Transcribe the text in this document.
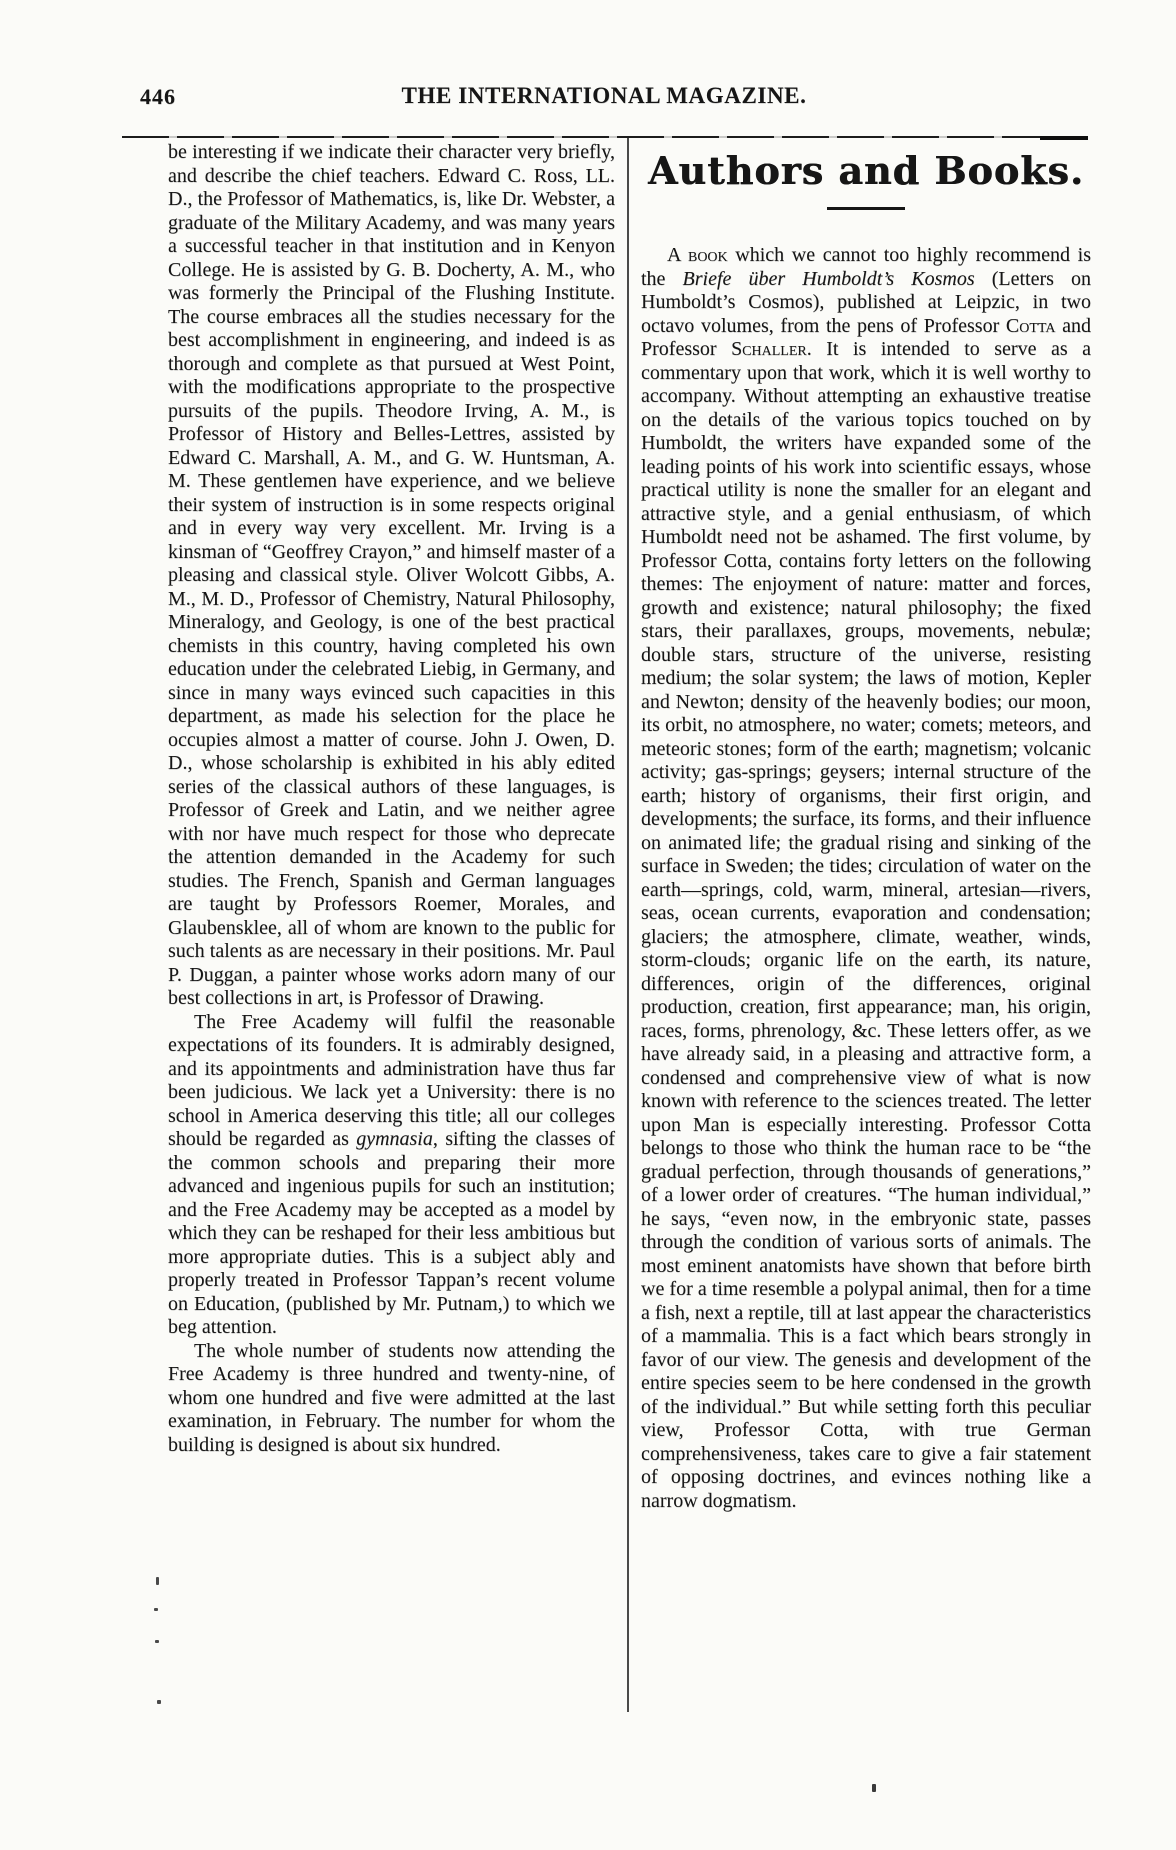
446	THE INTERNATIONAL MAGAZINE.

be interesting if we indicate their character very briefly, and describe the chief teachers. Edward C. Ross, LL. D., the Professor of Mathematics, is, like Dr. Webster, a graduate of the Military Academy, and was many years a successful teacher in that institution and in Kenyon College. He is assisted by G. B. Docherty, A. M., who was formerly the Principal of the Flushing Institute. The course embraces all the studies necessary for the best accomplishment in engineering, and indeed is as thorough and complete as that pursued at West Point, with the modifications appropriate to the prospective pursuits of the pupils. Theodore Irving, A. M., is Professor of History and Belles-Lettres, assisted by Edward C. Marshall, A. M., and G. W. Huntsman, A. M. These gentlemen have experience, and we believe their system of instruction is in some respects original and in every way very excellent. Mr. Irving is a kinsman of “Geoffrey Crayon,” and himself master of a pleasing and classical style. Oliver Wolcott Gibbs, A. M., M. D., Professor of Chemistry, Natural Philosophy, Mineralogy, and Geology, is one of the best practical chemists in this country, having completed his own education under the celebrated Liebig, in Germany, and since in many ways evinced such capacities in this department, as made his selection for the place he occupies almost a matter of course. John J. Owen, D. D., whose scholarship is exhibited in his ably edited series of the classical authors of these languages, is Professor of Greek and Latin, and we neither agree with nor have much respect for those who deprecate the attention demanded in the Academy for such studies. The French, Spanish and German languages are taught by Professors Roemer, Morales, and Glaubensklee, all of whom are known to the public for such talents as are necessary in their positions. Mr. Paul P. Duggan, a painter whose works adorn many of our best collections in art, is Professor of Drawing.

The Free Academy will fulfil the reasonable expectations of its founders. It is admirably designed, and its appointments and administration have thus far been judicious. We lack yet a University: there is no school in America deserving this title; all our colleges should be regarded as gymnasia, sifting the classes of the common schools and preparing their more advanced and ingenious pupils for such an institution; and the Free Academy may be accepted as a model by which they can be reshaped for their less ambitious but more appropriate duties. This is a subject ably and properly treated in Professor Tappan’s recent volume on Education, (published by Mr. Putnam,) to which we beg attention.

The whole number of students now attending the Free Academy is three hundred and twenty-nine, of whom one hundred and five were admitted at the last examination, in February. The number for whom the building is designed is about six hundred.

Authors and Books.

A book which we cannot too highly recommend is the Briefe über Humboldt’s Kosmos (Letters on Humboldt’s Cosmos), published at Leipzic, in two octavo volumes, from the pens of Professor Cotta and Professor Schaller. It is intended to serve as a commentary upon that work, which it is well worthy to accompany. Without attempting an exhaustive treatise on the details of the various topics touched on by Humboldt, the writers have expanded some of the leading points of his work into scientific essays, whose practical utility is none the smaller for an elegant and attractive style, and a genial enthusiasm, of which Humboldt need not be ashamed. The first volume, by Professor Cotta, contains forty letters on the following themes: The enjoyment of nature: matter and forces, growth and existence; natural philosophy; the fixed stars, their parallaxes, groups, movements, nebulæ; double stars, structure of the universe, resisting medium; the solar system; the laws of motion, Kepler and Newton; density of the heavenly bodies; our moon, its orbit, no atmosphere, no water; comets; meteors, and meteoric stones; form of the earth; magnetism; volcanic activity; gas-springs; geysers; internal structure of the earth; history of organisms, their first origin, and developments; the surface, its forms, and their influence on animated life; the gradual rising and sinking of the surface in Sweden; the tides; circulation of water on the earth—springs, cold, warm, mineral, artesian—rivers, seas, ocean currents, evaporation and condensation; glaciers; the atmosphere, climate, weather, winds, storm-clouds; organic life on the earth, its nature, differences, origin of the differences, original production, creation, first appearance; man, his origin, races, forms, phrenology, &c. These letters offer, as we have already said, in a pleasing and attractive form, a condensed and comprehensive view of what is now known with reference to the sciences treated. The letter upon Man is especially interesting. Professor Cotta belongs to those who think the human race to be “the gradual perfection, through thousands of generations,” of a lower order of creatures. “The human individual,” he says, “even now, in the embryonic state, passes through the condition of various sorts of animals. The most eminent anatomists have shown that before birth we for a time resemble a polypal animal, then for a time a fish, next a reptile, till at last appear the characteristics of a mammalia. This is a fact which bears strongly in favor of our view. The genesis and development of the entire species seem to be here condensed in the growth of the individual.” But while setting forth this peculiar view, Professor Cotta, with true German comprehensiveness, takes care to give a fair statement of opposing doctrines, and evinces nothing like a narrow dogmatism.
